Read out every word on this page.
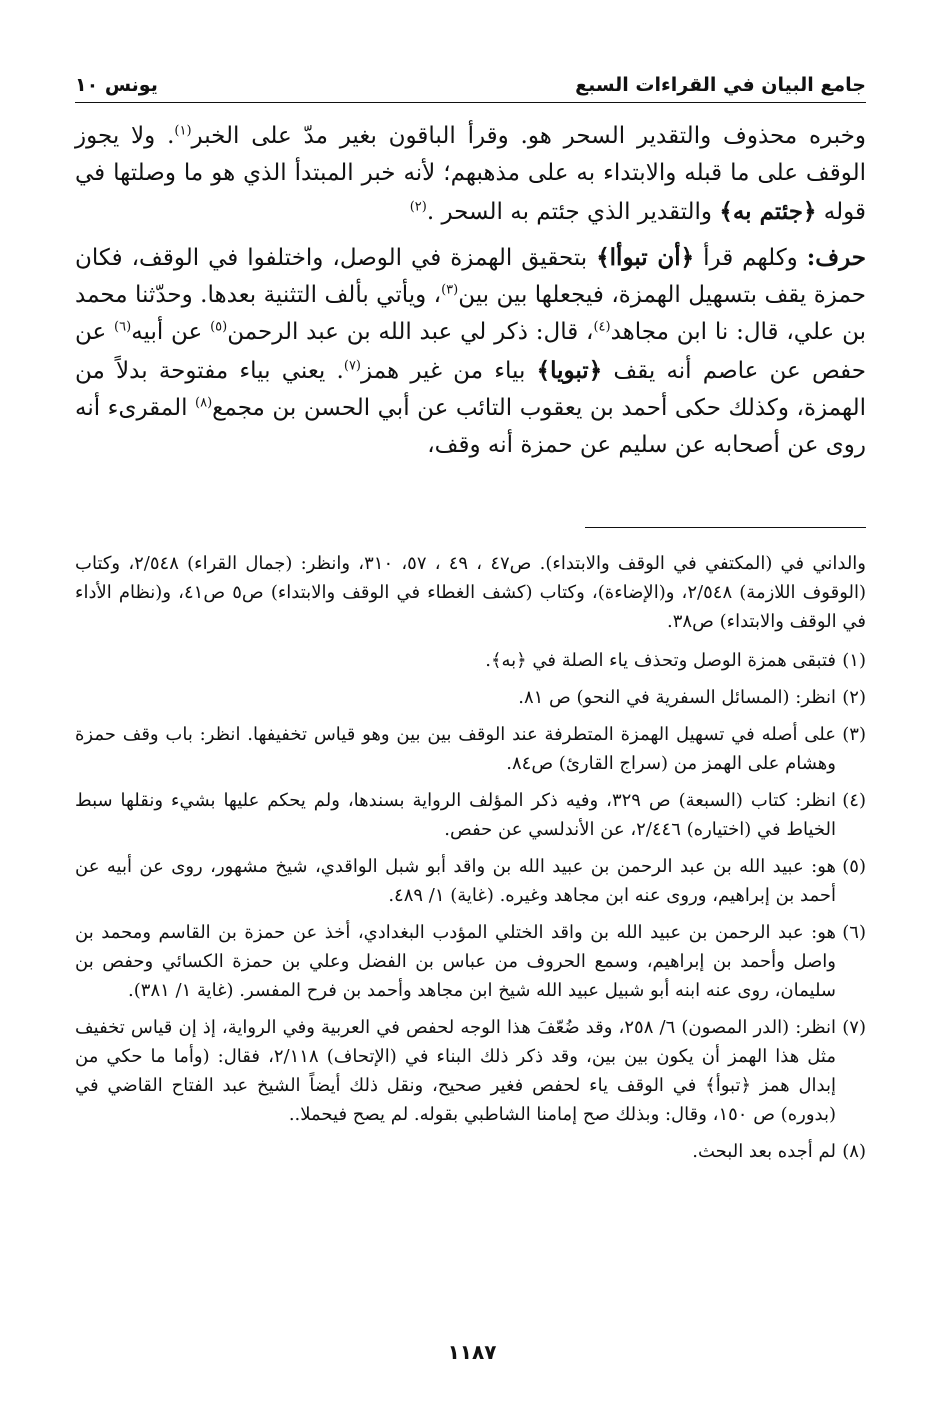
جامع البيان في القراءات السبع
يونس ١٠

وخبره محذوف والتقدير السحر هو. وقرأ الباقون بغير مدّ على الخبر$^{(١)}$. ولا يجوز الوقف على ما قبله والابتداء به على مذهبهم؛ لأنه خبر المبتدأ الذي هو ما وصلتها في قوله ﴿جئتم به﴾ والتقدير الذي جئتم به السحر .$^{(٢)}$

حرف: وكلهم قرأ ﴿أن تبوأا﴾ بتحقيق الهمزة في الوصل، واختلفوا في الوقف، فكان حمزة يقف بتسهيل الهمزة، فيجعلها بين بين$^{(٣)}$، ويأتي بألف التثنية بعدها. وحدّثنا محمد بن علي، قال: نا ابن مجاهد$^{(٤)}$، قال: ذكر لي عبد الله بن عبد الرحمن$^{(٥)}$ عن أبيه$^{(٦)}$ عن حفص عن عاصم أنه يقف ﴿تبويا﴾ بياء من غير همز$^{(٧)}$. يعني بياء مفتوحة بدلاً من الهمزة، وكذلك حكى أحمد بن يعقوب التائب عن أبي الحسن بن مجمع$^{(٨)}$ المقرىء أنه روى عن أصحابه عن سليم عن حمزة أنه وقف،

والداني في (المكتفي في الوقف والابتداء). ص٤٧ ، ٤٩ ، ٥٧، ٣١٠، وانظر: (جمال القراء) ٢/٥٤٨، وكتاب (الوقوف اللازمة) ٢/٥٤٨، و(الإضاءة)، وكتاب (كشف الغطاء في الوقف والابتداء) ص٥ ص٤١، و(نظام الأداء في الوقف والابتداء) ص٣٨.

(١)
فتبقى همزة الوصل وتحذف ياء الصلة في ﴿به﴾.
(٢)
انظر: (المسائل السفرية في النحو) ص ٨١.
(٣)
على أصله في تسهيل الهمزة المتطرفة عند الوقف بين بين وهو قياس تخفيفها. انظر: باب وقف حمزة وهشام على الهمز من (سراج القارئ) ص٨٤.
(٤)
انظر: كتاب (السبعة) ص ٣٢٩، وفيه ذكر المؤلف الرواية بسندها، ولم يحكم عليها بشيء ونقلها سبط الخياط في (اختياره) ٢/٤٤٦، عن الأندلسي عن حفص.
(٥)
هو: عبيد الله بن عبد الرحمن بن عبيد الله بن واقد أبو شبل الواقدي، شيخ مشهور، روى عن أبيه عن أحمد بن إبراهيم، وروى عنه ابن مجاهد وغيره. (غاية) ١/ ٤٨٩.
(٦)
هو: عبد الرحمن بن عبيد الله بن واقد الختلي المؤدب البغدادي، أخذ عن حمزة بن القاسم ومحمد بن واصل وأحمد بن إبراهيم، وسمع الحروف من عباس بن الفضل وعلي بن حمزة الكسائي وحفص بن سليمان، روى عنه ابنه أبو شبيل عبيد الله شيخ ابن مجاهد وأحمد بن فرح المفسر. (غاية ١/ ٣٨١).
(٧)
انظر: (الدر المصون) ٦/ ٢٥٨، وقد ضُعّفَ هذا الوجه لحفص في العربية وفي الرواية، إذ إن قياس تخفيف مثل هذا الهمز أن يكون بين بين، وقد ذكر ذلك البناء في (الإتحاف) ٢/١١٨، فقال: (وأما ما حكي من إبدال همز ﴿تبوأ﴾ في الوقف ياء لحفص فغير صحيح، ونقل ذلك أيضاً الشيخ عبد الفتاح القاضي في (بدوره) ص ١٥٠، وقال: وبذلك صح إمامنا الشاطبي بقوله. لم يصح فيحملا..
(٨)
لم أجده بعد البحث.
١١٨٧
